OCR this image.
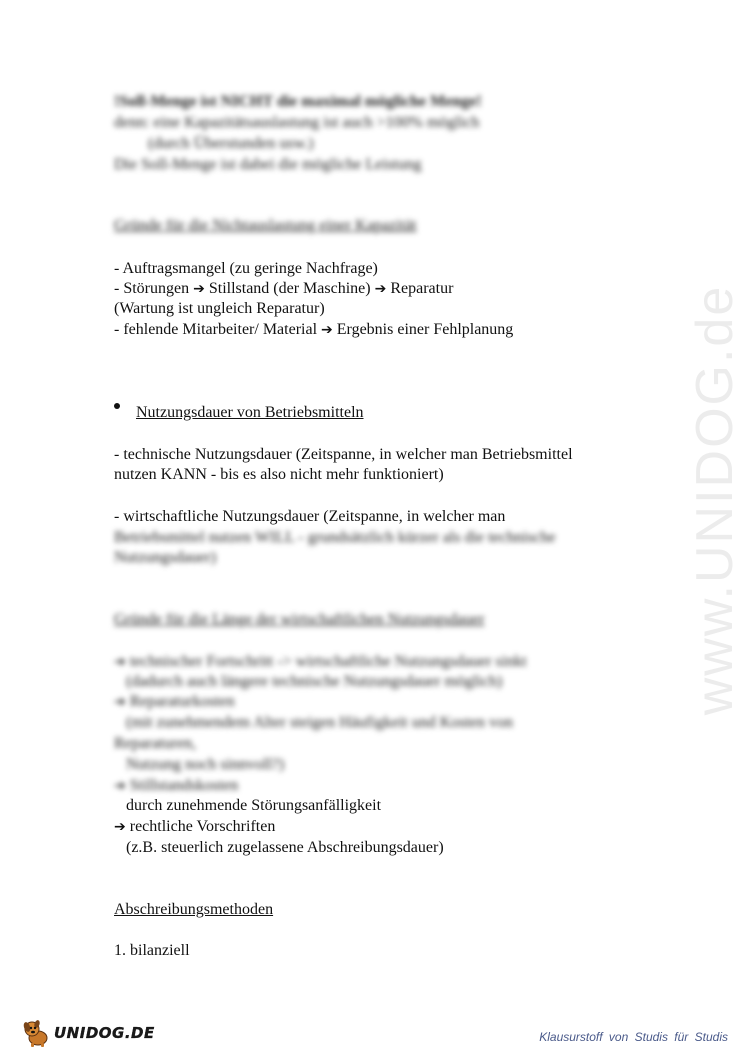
www.UNIDOG.de
!Soll-Menge ist NICHT die maximal mögliche Menge!
denn: eine Kapazitätsauslastung ist auch >100% möglich
(durch Überstunden usw.)
Die Soll-Menge ist dabei die mögliche Leistung
Gründe für die Nichtauslastung einer Kapazität
- Auftragsmangel (zu geringe Nachfrage)
- Störungen ➔ Stillstand (der Maschine) ➔ Reparatur
(Wartung ist ungleich Reparatur)
- fehlende Mitarbeiter/ Material ➔ Ergebnis einer Fehlplanung
Nutzungsdauer von Betriebsmitteln
- technische Nutzungsdauer (Zeitspanne, in welcher man Betriebsmittel
nutzen KANN - bis es also nicht mehr funktioniert)
- wirtschaftliche Nutzungsdauer (Zeitspanne, in welcher man
Betriebsmittel nutzen WILL - grundsätzlich kürzer als die technische
Nutzungsdauer)
Gründe für die Länge der wirtschaftlichen Nutzungsdauer
➔ technischer Fortschritt -> wirtschaftliche Nutzungsdauer sinkt
(dadurch auch längere technische Nutzungsdauer möglich)
➔ Reparaturkosten
(mit zunehmendem Alter steigen Häufigkeit und Kosten von
Reparaturen,
Nutzung noch sinnvoll?)
➔ Stillstandskosten
durch zunehmende Störungsanfälligkeit
➔ rechtliche Vorschriften
(z.B. steuerlich zugelassene Abschreibungsdauer)
Abschreibungsmethoden
1. bilanziell
UNIDOG.DE	Klausurstoff von Studis für Studis
